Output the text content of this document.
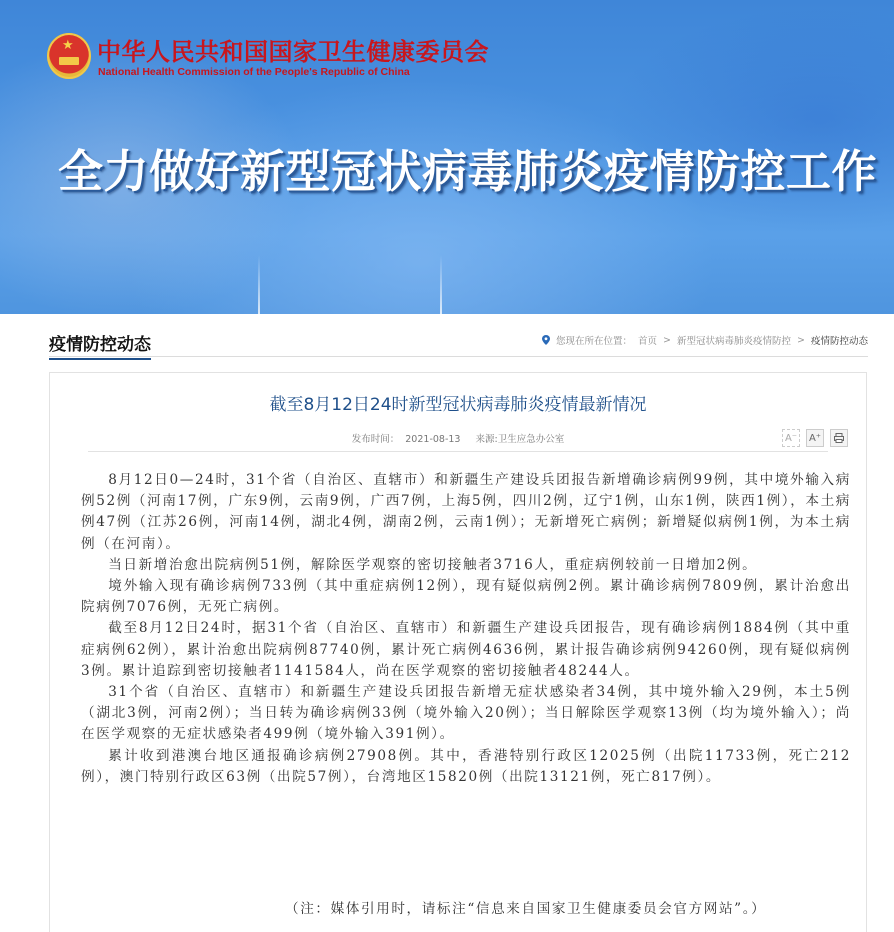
★ 中华人民共和国国家卫生健康委员会
National Health Commission of the People's Republic of China
全力做好新型冠状病毒肺炎疫情防控工作
疫情防控动态	您现在所在位置： 首页 > 新型冠状病毒肺炎疫情防控 > 疫情防控动态
截至8月12日24时新型冠状病毒肺炎疫情最新情况
发布时间： 2021-08-13 来源:卫生应急办公室	A⁻ A⁺

8月12日0—24时，31个省（自治区、直辖市）和新疆生产建设兵团报告新增确诊病例99例，其中境外输入病例52例（河南17例，广东9例，云南9例，广西7例，上海5例，四川2例，辽宁1例，山东1例，陕西1例），本土病例47例（江苏26例，河南14例，湖北4例，湖南2例，云南1例）；无新增死亡病例；新增疑似病例1例，为本土病例（在河南）。

当日新增治愈出院病例51例，解除医学观察的密切接触者3716人，重症病例较前一日增加2例。

境外输入现有确诊病例733例（其中重症病例12例），现有疑似病例2例。累计确诊病例7809例，累计治愈出院病例7076例，无死亡病例。

截至8月12日24时，据31个省（自治区、直辖市）和新疆生产建设兵团报告，现有确诊病例1884例（其中重症病例62例），累计治愈出院病例87740例，累计死亡病例4636例，累计报告确诊病例94260例，现有疑似病例3例。累计追踪到密切接触者1141584人，尚在医学观察的密切接触者48244人。

31个省（自治区、直辖市）和新疆生产建设兵团报告新增无症状感染者34例，其中境外输入29例，本土5例（湖北3例，河南2例）；当日转为确诊病例33例（境外输入20例）；当日解除医学观察13例（均为境外输入）；尚在医学观察的无症状感染者499例（境外输入391例）。

累计收到港澳台地区通报确诊病例27908例。其中，香港特别行政区12025例（出院11733例，死亡212例），澳门特别行政区63例（出院57例），台湾地区15820例（出院13121例，死亡817例）。

（注：媒体引用时，请标注“信息来自国家卫生健康委员会官方网站”。）
